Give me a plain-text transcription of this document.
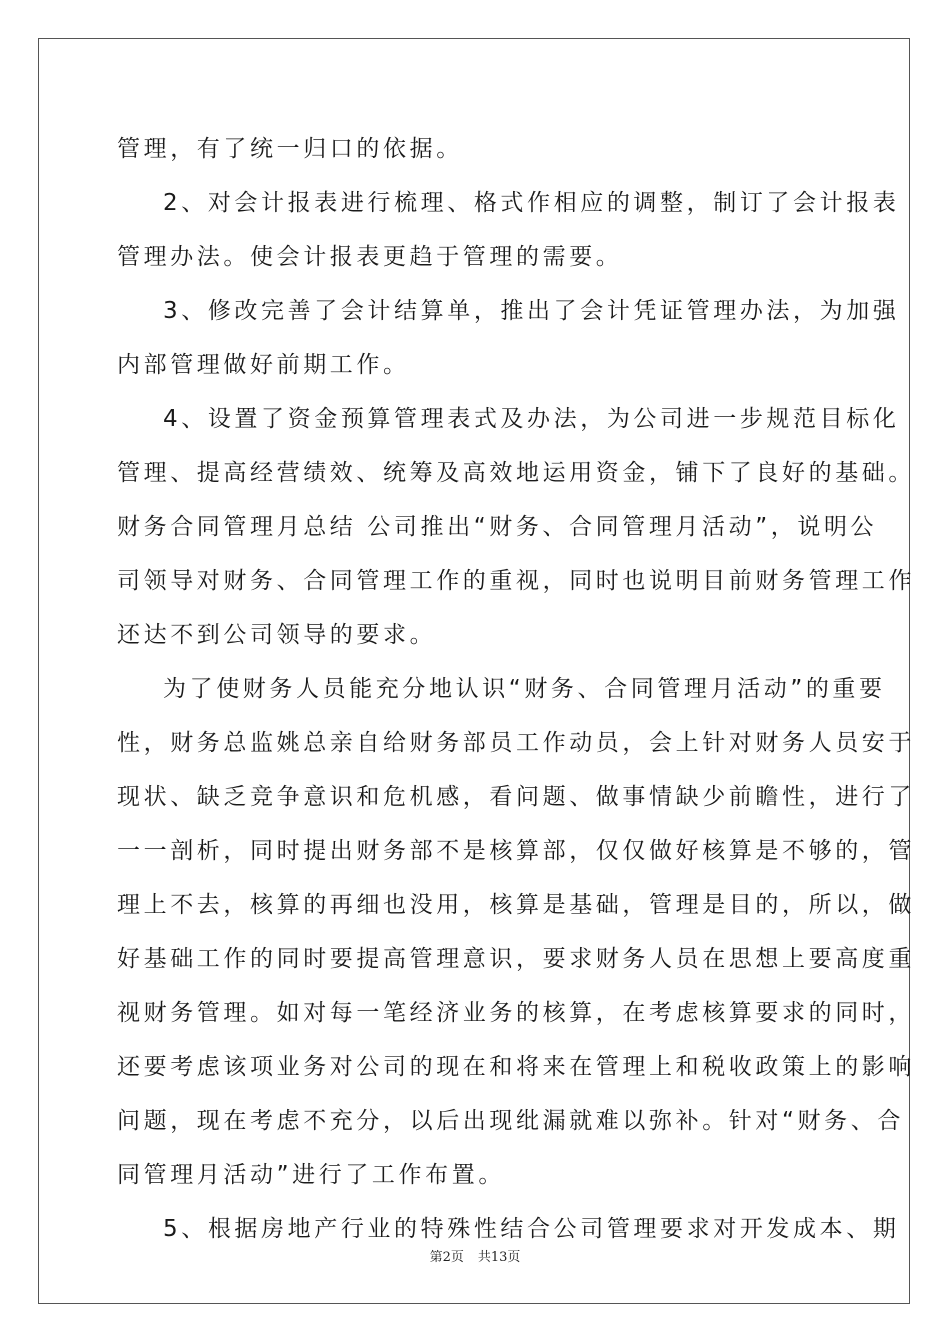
管理，有了统一归口的依据。
2、对会计报表进行梳理、格式作相应的调整，制订了会计报表
管理办法。使会计报表更趋于管理的需要。
3、修改完善了会计结算单，推出了会计凭证管理办法，为加强
内部管理做好前期工作。
4、设置了资金预算管理表式及办法，为公司进一步规范目标化
管理、提高经营绩效、统筹及高效地运用资金，铺下了良好的基础。
财务合同管理月总结 公司推出“财务、合同管理月活动”，说明公
司领导对财务、合同管理工作的重视，同时也说明目前财务管理工作
还达不到公司领导的要求。
为了使财务人员能充分地认识“财务、合同管理月活动”的重要
性，财务总监姚总亲自给财务部员工作动员，会上针对财务人员安于
现状、缺乏竞争意识和危机感，看问题、做事情缺少前瞻性，进行了
一一剖析，同时提出财务部不是核算部，仅仅做好核算是不够的，管
理上不去，核算的再细也没用，核算是基础，管理是目的，所以，做
好基础工作的同时要提高管理意识，要求财务人员在思想上要高度重
视财务管理。如对每一笔经济业务的核算，在考虑核算要求的同时，
还要考虑该项业务对公司的现在和将来在管理上和税收政策上的影响
问题，现在考虑不充分，以后出现纰漏就难以弥补。针对“财务、合
同管理月活动”进行了工作布置。
5、根据房地产行业的特殊性结合公司管理要求对开发成本、期
第2页 共13页
